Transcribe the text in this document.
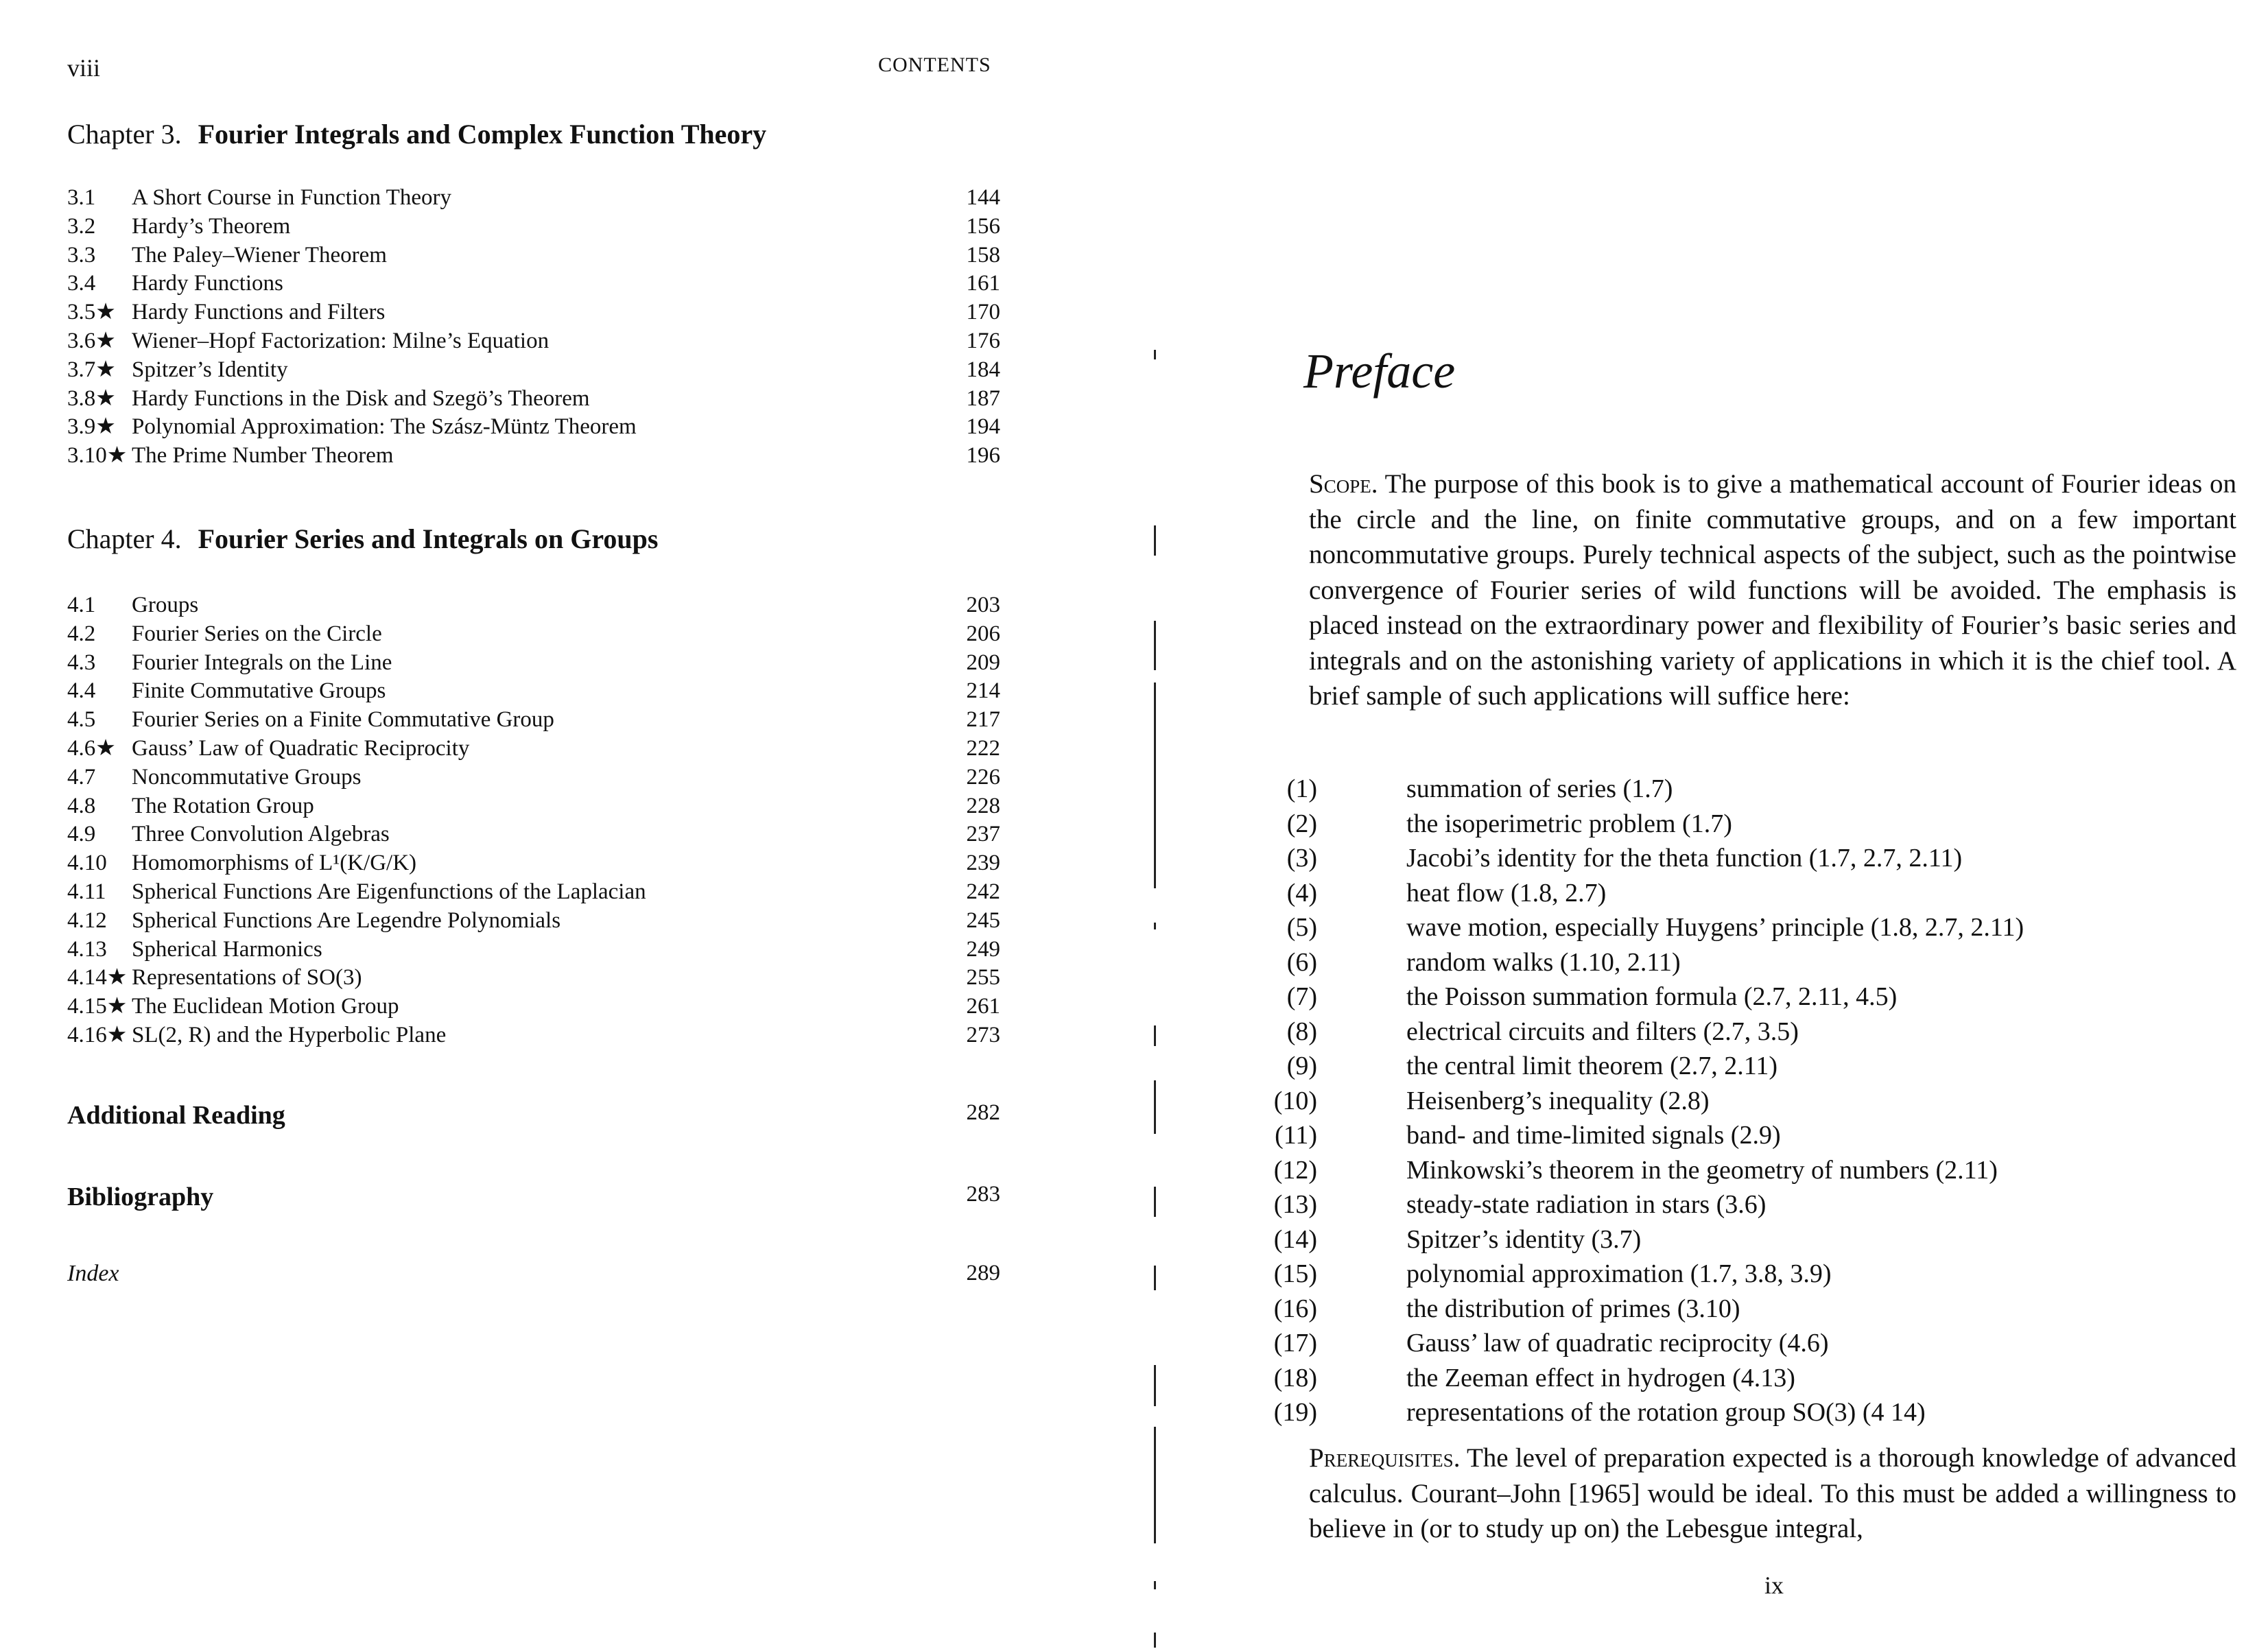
viii	CONTENTS
Chapter 3. Fourier Integrals and Complex Function Theory
3.1 A Short Course in Function Theory	144
3.2 Hardy’s Theorem	156
3.3 The Paley–Wiener Theorem	158
3.4 Hardy Functions	161
3.5★ Hardy Functions and Filters	170
3.6★ Wiener–Hopf Factorization: Milne’s Equation	176
3.7★ Spitzer’s Identity	184
3.8★ Hardy Functions in the Disk and Szegö’s Theorem	187
3.9★ Polynomial Approximation: The Szász-Müntz Theorem	194
3.10★ The Prime Number Theorem	196
Chapter 4. Fourier Series and Integrals on Groups
4.1 Groups	203
4.2 Fourier Series on the Circle	206
4.3 Fourier Integrals on the Line	209
4.4 Finite Commutative Groups	214
4.5 Fourier Series on a Finite Commutative Group	217
4.6★ Gauss’ Law of Quadratic Reciprocity	222
4.7 Noncommutative Groups	226
4.8 The Rotation Group	228
4.9 Three Convolution Algebras	237
4.10 Homomorphisms of L¹(K/G/K)	239
4.11 Spherical Functions Are Eigenfunctions of the Laplacian	242
4.12 Spherical Functions Are Legendre Polynomials	245
4.13 Spherical Harmonics	249
4.14★ Representations of SO(3)	255
4.15★ The Euclidean Motion Group	261
4.16★ SL(2, R) and the Hyperbolic Plane	273
Additional Reading	282
Bibliography	283
Index	289
Preface
Scope. The purpose of this book is to give a mathematical account of Fourier ideas on the circle and the line, on finite commutative groups, and on a few important noncommutative groups. Purely technical aspects of the subject, such as the pointwise convergence of Fourier series of wild functions will be avoided. The emphasis is placed instead on the extraordinary power and flexibility of Fourier’s basic series and integrals and on the astonishing variety of applications in which it is the chief tool. A brief sample of such applications will suffice here:
(1)	summation of series (1.7)
(2)	the isoperimetric problem (1.7)
(3)	Jacobi’s identity for the theta function (1.7, 2.7, 2.11)
(4)	heat flow (1.8, 2.7)
(5)	wave motion, especially Huygens’ principle (1.8, 2.7, 2.11)
(6)	random walks (1.10, 2.11)
(7)	the Poisson summation formula (2.7, 2.11, 4.5)
(8)	electrical circuits and filters (2.7, 3.5)
(9)	the central limit theorem (2.7, 2.11)
(10)	Heisenberg’s inequality (2.8)
(11)	band- and time-limited signals (2.9)
(12)	Minkowski’s theorem in the geometry of numbers (2.11)
(13)	steady-state radiation in stars (3.6)
(14)	Spitzer’s identity (3.7)
(15)	polynomial approximation (1.7, 3.8, 3.9)
(16)	the distribution of primes (3.10)
(17)	Gauss’ law of quadratic reciprocity (4.6)
(18)	the Zeeman effect in hydrogen (4.13)
(19)	representations of the rotation group SO(3) (4 14)
Prerequisites. The level of preparation expected is a thorough knowledge of advanced calculus. Courant–John [1965] would be ideal. To this must be added a willingness to believe in (or to study up on) the Lebesgue integral,
ix
